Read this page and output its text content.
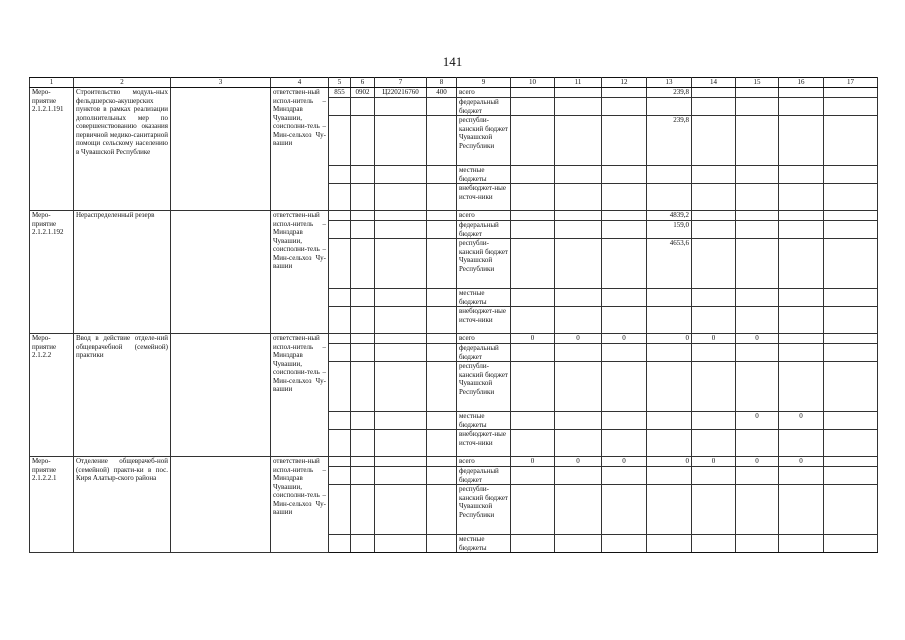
141
1	2	3	4	5	6	7	8	9	10	11	12	13	14	15	16	17
Меро-приятие 2.1.2.1.191	Строительство модуль-ных фельдшерско-акушерских пунктов в рамках реализации дополнительных мер по совершенствованию оказания первичной медико-санитарной помощи сельскому населению в Чувашской Республике		ответствен-ный испол-нитель – Минздрав Чувашии, соисполни-тель – Мин-сельхоз Чу-вашии	855	0902	Ц220216760	400	всего				239,8				
								федеральный бюджет								
								республи-канский бюджет Чувашской Республики				239,8				
								местные бюджеты								
								внебюджет-ные источ-ники								
Меро-приятие 2.1.2.1.192	Нераспределенный резерв		ответствен-ный испол-нитель – Минздрав Чувашии, соисполни-тель – Мин-сельхоз Чу-вашии					всего				4839,2				
								федеральный бюджет				159,0				
								республи-канский бюджет Чувашской Республики				4653,6				
								местные бюджеты								
								внебюджет-ные источ-ники								
Меро-приятие 2.1.2.2	Ввод в действие отделе-ний общеврачебной (семейной) практики		ответствен-ный испол-нитель – Минздрав Чувашии, соисполни-тель – Мин-сельхоз Чу-вашии					всего	0	0	0	0	0	0		
								федеральный бюджет								
								республи-канский бюджет Чувашской Республики								
								местные бюджеты						0	0	
								внебюджет-ные источ-ники								
Меро-приятие 2.1.2.2.1	Отделение общеврачеб-ной (семейной) практи-ки в пос. Киря Алатыр-ского района		ответствен-ный испол-нитель – Минздрав Чувашии, соисполни-тель – Мин-сельхоз Чу-вашии					всего	0	0	0	0	0	0	0	
								федеральный бюджет								
								республи-канский бюджет Чувашской Республики								
								местные бюджеты								
